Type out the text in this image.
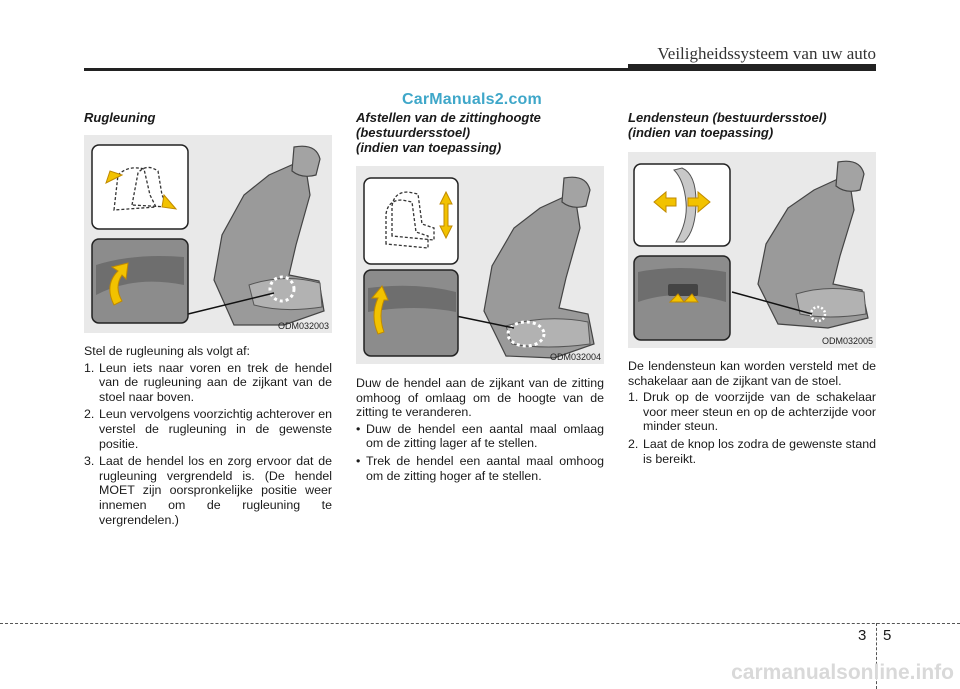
Veiligheidssysteem van uw auto
CarManuals2.com

Rugleuning

ODM032003

Stel de rugleuning als volgt af:

1. Leun iets naar voren en trek de hendel van de rugleuning aan de zijkant van de stoel naar boven.
2. Leun vervolgens voorzichtig achterover en verstel de rugleuning in de gewenste positie.
3. Laat de hendel los en zorg ervoor dat de rugleuning vergrendeld is. (De hendel MOET zijn oorspronkelijke positie weer innemen om de rugleuning te vergrendelen.)

Afstellen van de zittinghoogte
(bestuurdersstoel)
(indien van toepassing)

ODM032004

Duw de hendel aan de zijkant van de zitting omhoog of omlaag om de hoogte van de zitting te veranderen.

• Duw de hendel een aantal maal omlaag om de zitting lager af te stellen.
• Trek de hendel een aantal maal omhoog om de zitting hoger af te stellen.

Lendensteun (bestuurdersstoel)
(indien van toepassing)

ODM032005

De lendensteun kan worden versteld met de schakelaar aan de zijkant van de stoel.

1. Druk op de voorzijde van de schakelaar voor meer steun en op de achterzijde voor minder steun.
2. Laat de knop los zodra de gewenste stand is bereikt.
3 5
carmanualsonline.info
